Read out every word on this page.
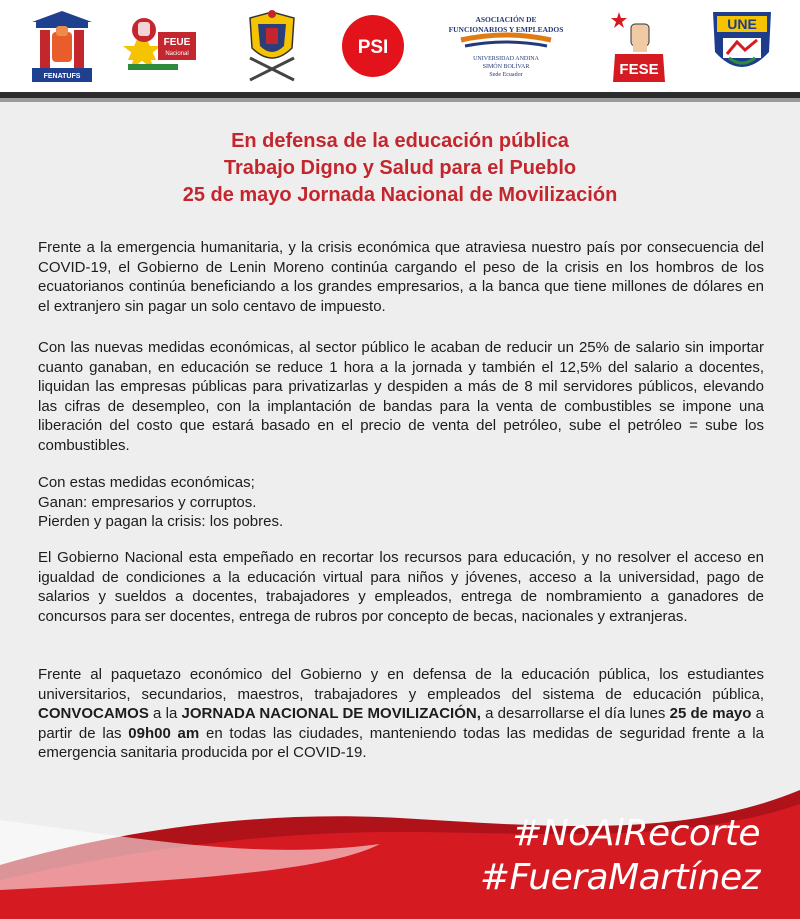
FENATUFS
FEUE
Nacional	PSI
ASOCIACIÓN DE
FUNCIONARIOS Y EMPLEADOS
UNIVERSIDAD ANDINA
SIMÓN BOLÍVAR
Sede Ecuador	FESE
UNE
En defensa de la educación pública
Trabajo Digno y Salud para el Pueblo
25 de mayo Jornada Nacional de Movilización
Frente a la emergencia humanitaria, y la crisis económica que atraviesa nuestro país por consecuencia del COVID-19, el Gobierno de Lenin Moreno continúa cargando el peso de la crisis en los hombros de los ecuatorianos continúa beneficiando a los grandes empresarios, a la banca que tiene millones de dólares en el extranjero sin pagar un solo centavo de impuesto.
Con las nuevas medidas económicas, al sector público le acaban de reducir un 25% de salario sin importar cuanto ganaban, en educación se reduce 1 hora a la jornada y también el 12,5% del salario a docentes, liquidan las empresas públicas para privatizarlas y despiden a más de 8 mil servidores públicos, elevando las cifras de desempleo, con la implantación de bandas para la venta de combustibles se impone una liberación del costo que estará basado en el precio de venta del petróleo, sube el petróleo = sube los combustibles.
Con estas medidas económicas;
Ganan: empresarios y corruptos.
Pierden y pagan la crisis: los pobres.
El Gobierno Nacional esta empeñado en recortar los recursos para educación, y no resolver el acceso en igualdad de condiciones a la educación virtual para niños y jóvenes, acceso a la universidad, pago de salarios y sueldos a docentes, trabajadores y empleados, entrega de nombramiento a ganadores de concursos para ser docentes, entrega de rubros por concepto de becas, nacionales y extranjeras.
Frente al paquetazo económico del Gobierno y en defensa de la educación pública, los estudiantes universitarios, secundarios, maestros, trabajadores y empleados del sistema de educación pública, CONVOCAMOS a la JORNADA NACIONAL DE MOVILIZACIÓN, a desarrollarse el día lunes 25 de mayo a partir de las 09h00 am en todas las ciudades, manteniendo todas las medidas de seguridad frente a la emergencia sanitaria producida por el COVID-19.
#NoAlRecorte
#FueraMartínez
